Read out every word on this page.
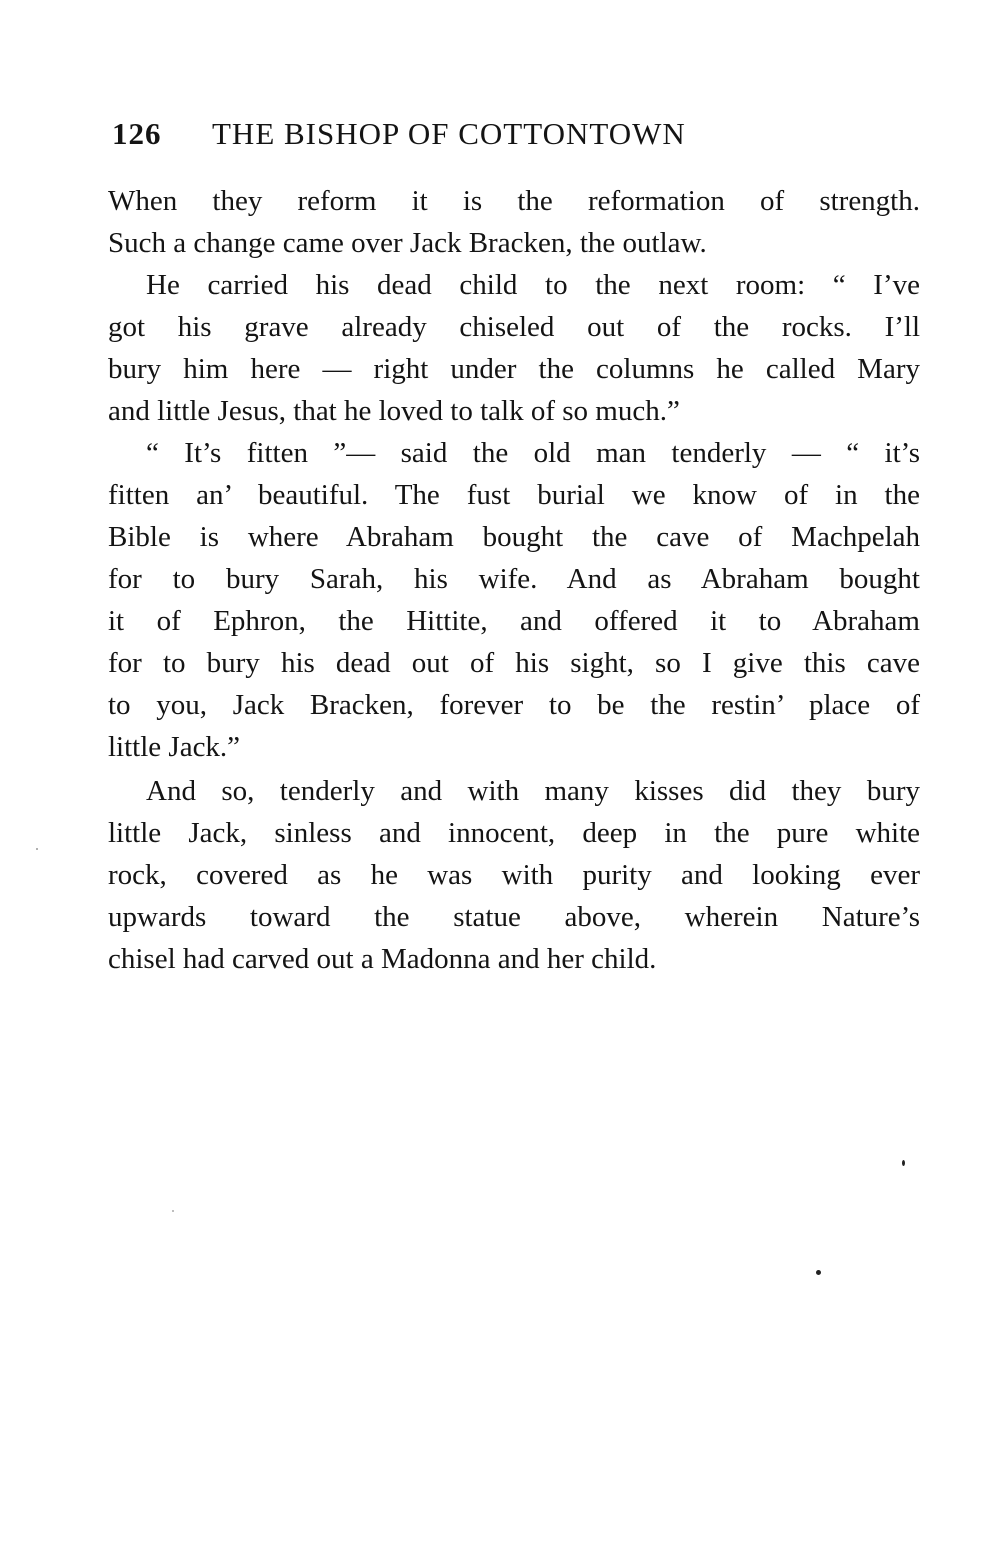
126 THE BISHOP OF COTTONTOWN
When they reform it is the reformation of strength.
Such a change came over Jack Bracken, the outlaw.
He carried his dead child to the next room: “ I’ve
got his grave already chiseled out of the rocks. I’ll
bury him here — right under the columns he called Mary
and little Jesus, that he loved to talk of so much.”
“ It’s fitten ”— said the old man tenderly — “ it’s
fitten an’ beautiful. The fust burial we know of in the
Bible is where Abraham bought the cave of Machpelah
for to bury Sarah, his wife. And as Abraham bought
it of Ephron, the Hittite, and offered it to Abraham
for to bury his dead out of his sight, so I give this cave
to you, Jack Bracken, forever to be the restin’ place of
little Jack.”
And so, tenderly and with many kisses did they bury
little Jack, sinless and innocent, deep in the pure white
rock, covered as he was with purity and looking ever
upwards toward the statue above, wherein Nature’s
chisel had carved out a Madonna and her child.
